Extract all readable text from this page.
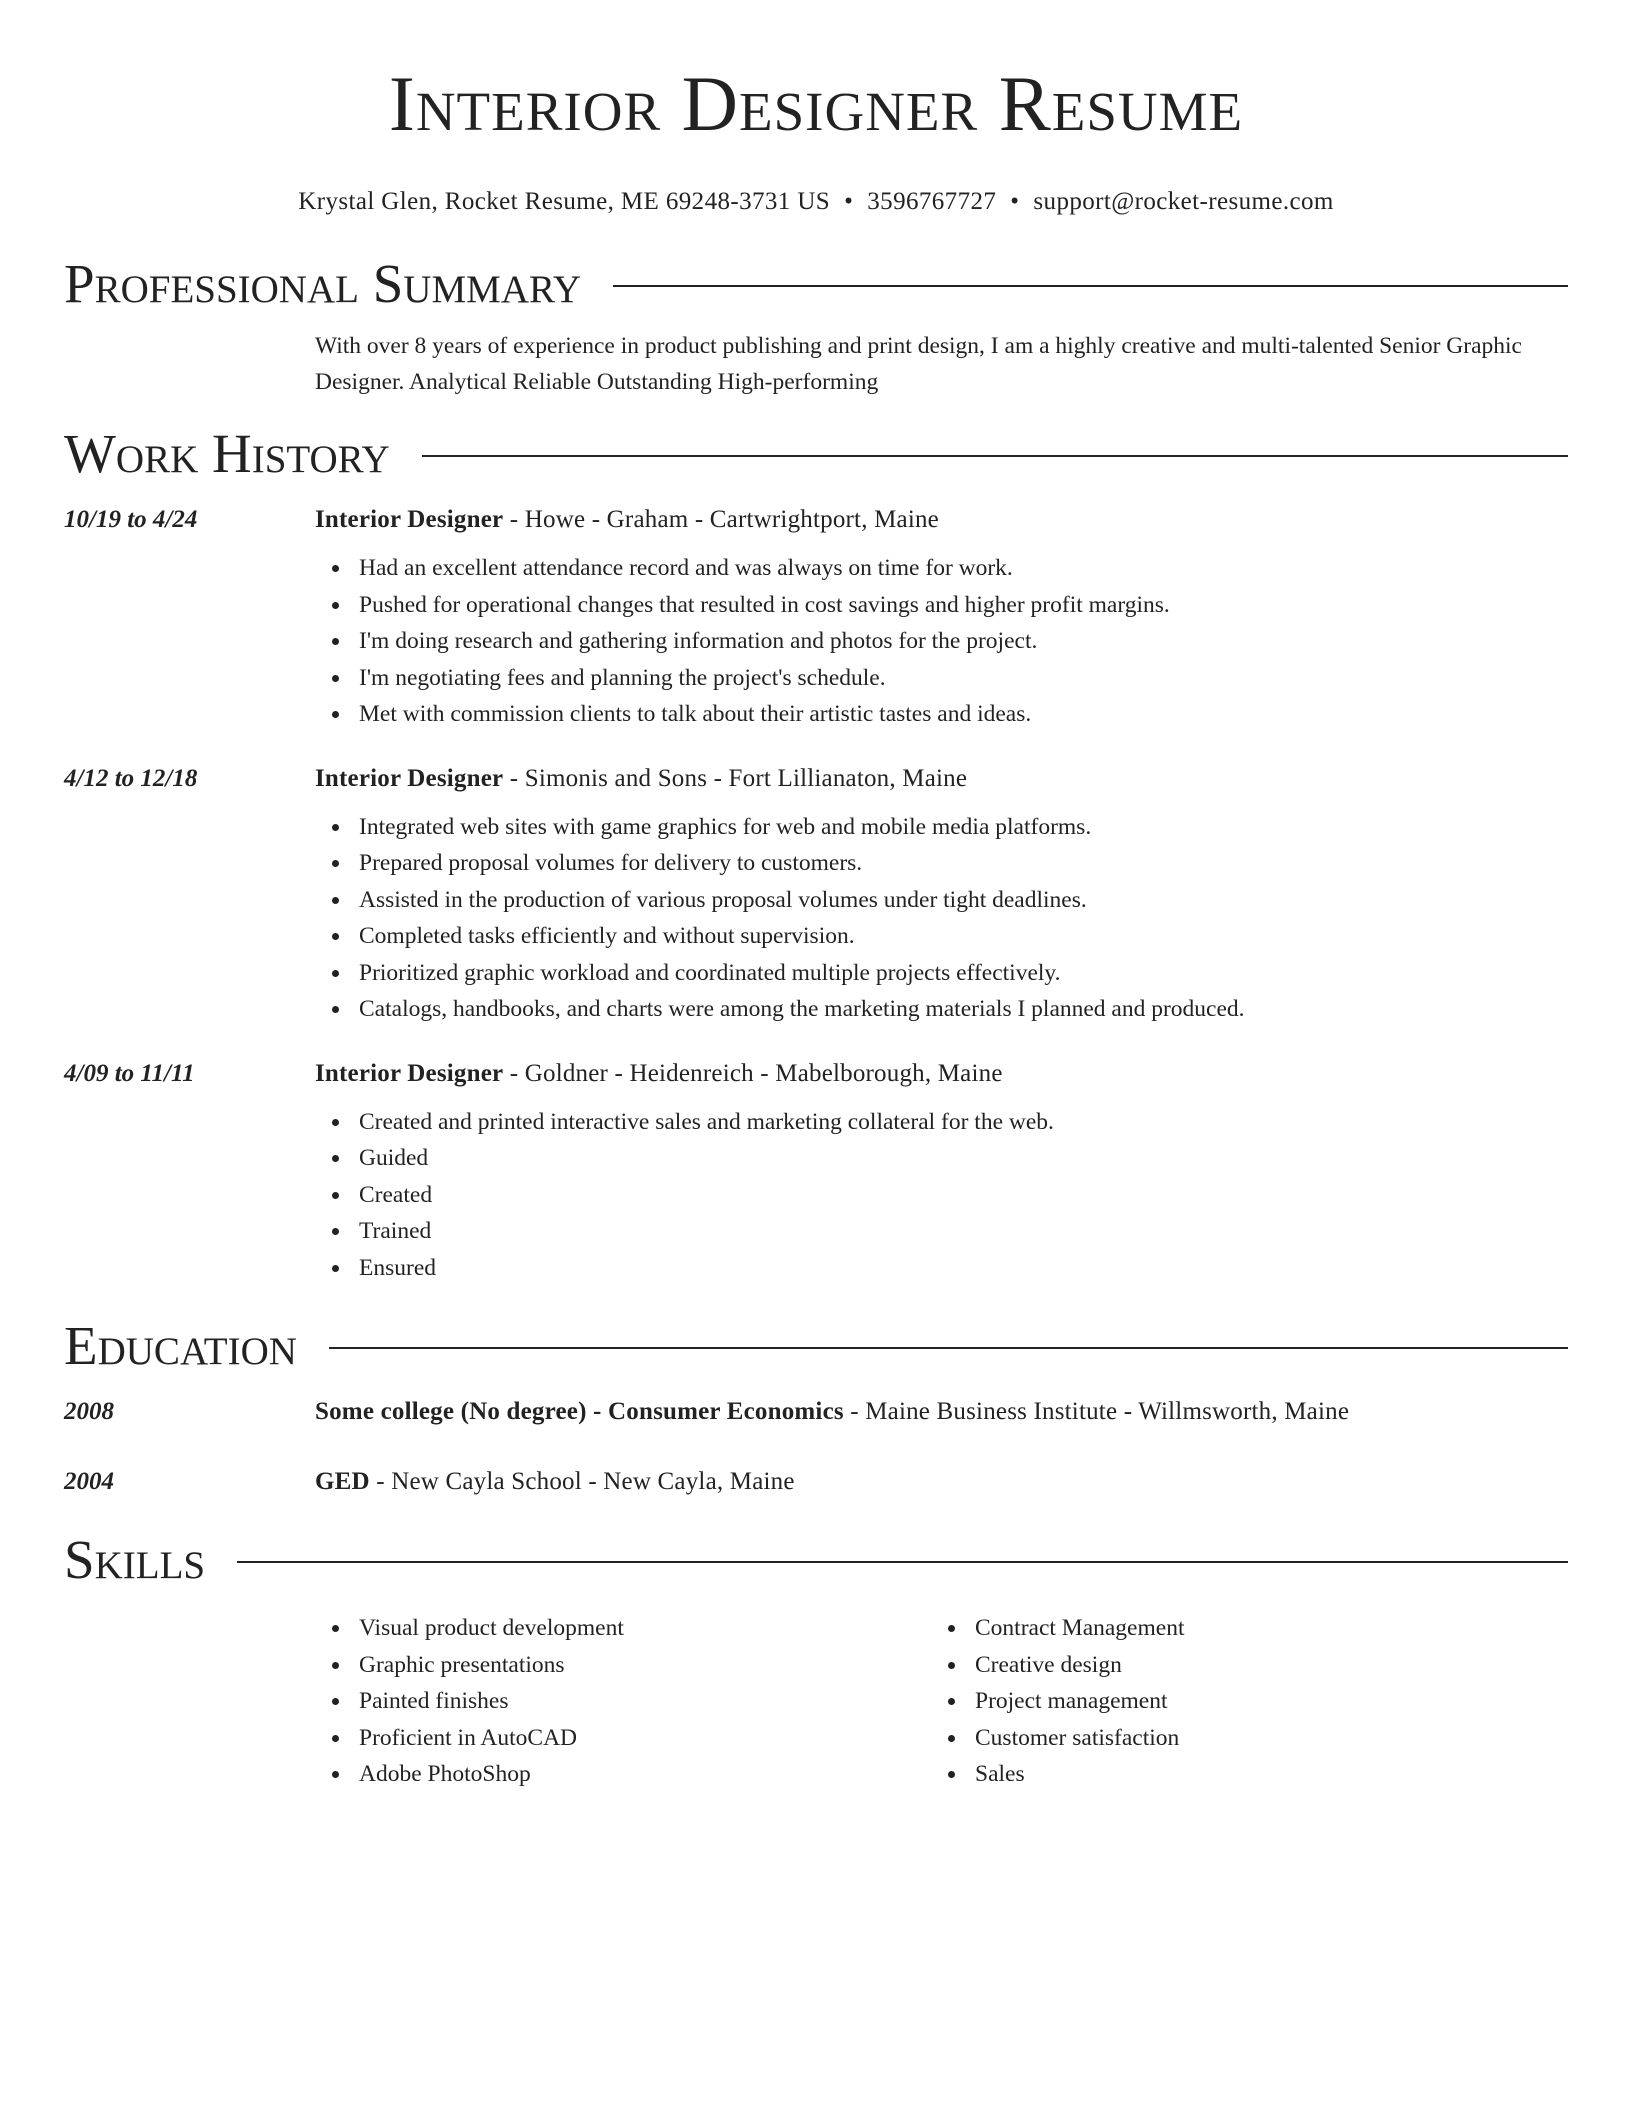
Interior Designer Resume
Krystal Glen, Rocket Resume, ME 69248-3731 US • 3596767727 • support@rocket-resume.com
Professional Summary
With over 8 years of experience in product publishing and print design, I am a highly creative and multi-talented Senior Graphic Designer. Analytical Reliable Outstanding High-performing
Work History
10/19 to 4/24	Interior Designer - Howe - Graham - Cartwrightport, Maine
Had an excellent attendance record and was always on time for work.
Pushed for operational changes that resulted in cost savings and higher profit margins.
I'm doing research and gathering information and photos for the project.
I'm negotiating fees and planning the project's schedule.
Met with commission clients to talk about their artistic tastes and ideas.
4/12 to 12/18	Interior Designer - Simonis and Sons - Fort Lillianaton, Maine
Integrated web sites with game graphics for web and mobile media platforms.
Prepared proposal volumes for delivery to customers.
Assisted in the production of various proposal volumes under tight deadlines.
Completed tasks efficiently and without supervision.
Prioritized graphic workload and coordinated multiple projects effectively.
Catalogs, handbooks, and charts were among the marketing materials I planned and produced.
4/09 to 11/11	Interior Designer - Goldner - Heidenreich - Mabelborough, Maine
Created and printed interactive sales and marketing collateral for the web.
Guided
Created
Trained
Ensured
Education
2008	Some college (No degree) - Consumer Economics - Maine Business Institute - Willmsworth, Maine
2004	GED - New Cayla School - New Cayla, Maine
Skills
Visual product development
Graphic presentations
Painted finishes
Proficient in AutoCAD
Adobe PhotoShop
Contract Management
Creative design
Project management
Customer satisfaction
Sales
